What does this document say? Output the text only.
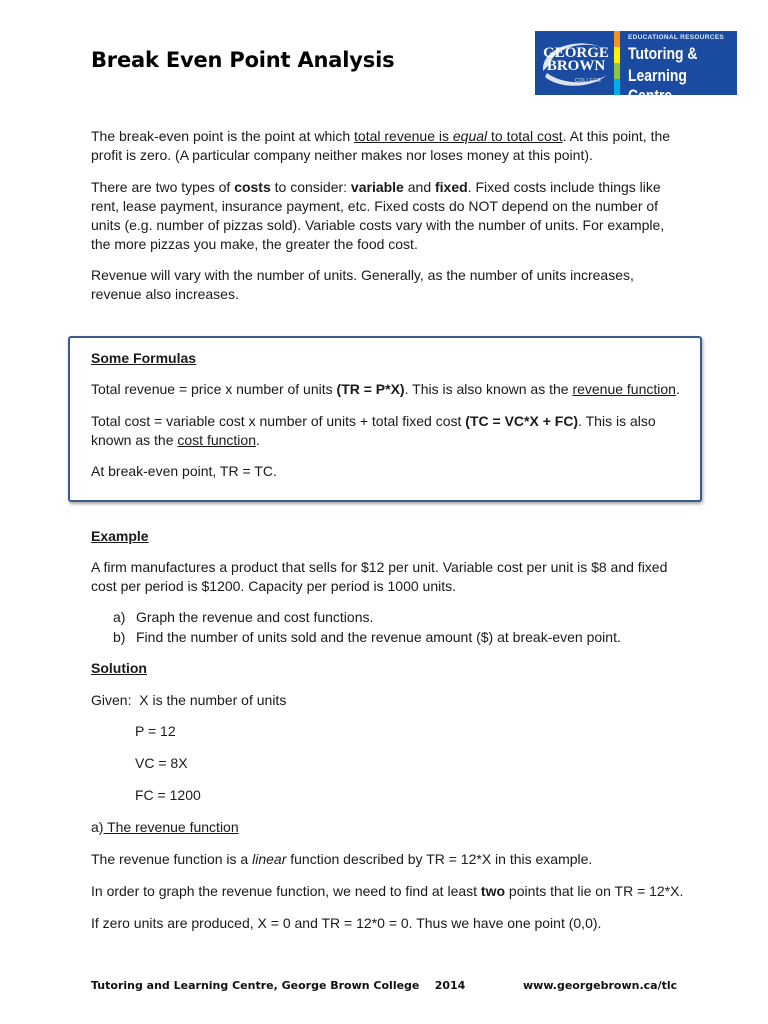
Break Even Point Analysis	GEORGE
BROWN
COLLEGE
EDUCATIONAL RESOURCES
Tutoring &
Learning Centre
The break-even point is the point at which total revenue is equal to total cost. At this point, the
profit is zero. (A particular company neither makes nor loses money at this point).
There are two types of costs to consider: variable and fixed. Fixed costs include things like
rent, lease payment, insurance payment, etc. Fixed costs do NOT depend on the number of
units (e.g. number of pizzas sold). Variable costs vary with the number of units. For example,
the more pizzas you make, the greater the food cost.
Revenue will vary with the number of units. Generally, as the number of units increases,
revenue also increases.
Some Formulas
Total revenue = price x number of units (TR = P*X). This is also known as the revenue function.
Total cost = variable cost x number of units + total fixed cost (TC = VC*X + FC). This is also
known as the cost function.
At break-even point, TR = TC.
Example
A firm manufactures a product that sells for $12 per unit. Variable cost per unit is $8 and fixed
cost per period is $1200. Capacity per period is 1000 units.
a) Graph the revenue and cost functions.
b) Find the number of units sold and the revenue amount ($) at break-even point.
Solution
Given:  X is the number of units
P = 12
VC = 8X
FC = 1200
a) The revenue function
The revenue function is a linear function described by TR = 12*X in this example.
In order to graph the revenue function, we need to find at least two points that lie on TR = 12*X.
If zero units are produced, X = 0 and TR = 12*0 = 0. Thus we have one point (0,0).
Tutoring and Learning Centre, George Brown College    2014	www.georgebrown.ca/tlc
